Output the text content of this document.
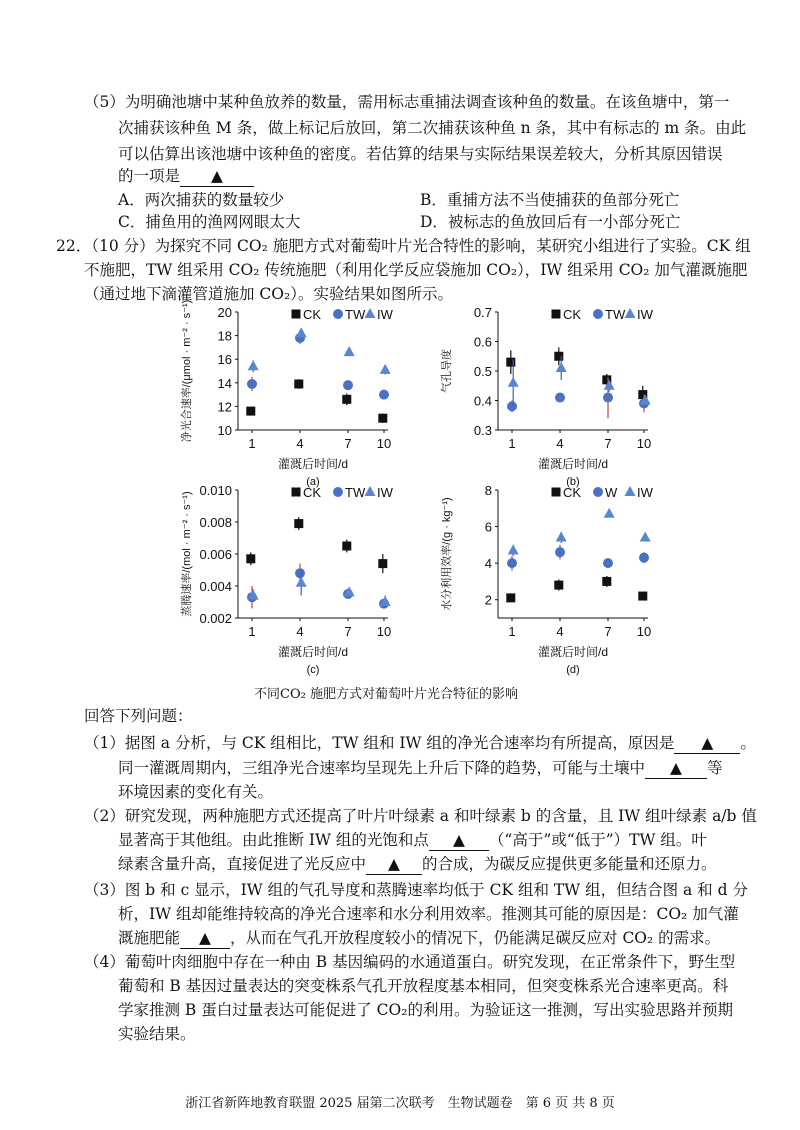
（5）为明确池塘中某种鱼放养的数量，需用标志重捕法调查该种鱼的数量。在该鱼塘中，第一
次捕获该种鱼 M 条，做上标记后放回，第二次捕获该种鱼 n 条，其中有标志的 m 条。由此
可以估算出该池塘中该种鱼的密度。若估算的结果与实际结果误差较大，分析其原因错误
的一项是 ▲
A．两次捕获的数量较少	B．重捕方法不当使捕获的鱼部分死亡
C．捕鱼用的渔网网眼太大	D．被标志的鱼放回后有一小部分死亡
22．（10 分）为探究不同 CO₂ 施肥方式对葡萄叶片光合特性的影响，某研究小组进行了实验。CK 组
不施肥，TW 组采用 CO₂ 传统施肥（利用化学反应袋施加 CO₂），IW 组采用 CO₂ 加气灌溉施肥
（通过地下滴灌管道施加 CO₂）。实验结果如图所示。
10
12
14
16
18
20
1	4	7 10
灌溉后时间/d
(a)
净光合速率/(μmol · m⁻² · s⁻¹)	CK TW IW
0.3
0.4
0.5
0.6
0.7
1	4	7 10
灌溉后时间/d
(b)
气孔导度
CK TW IW
0.002
0.004
0.006
0.008
0.010
1	4	7 10
灌溉后时间/d
(c)
蒸腾速率/(mol · m⁻² · s⁻¹)	CK TW IW
2
4
6
8
1	4	7 10
灌溉后时间/d
(d)
水分利用效率/(g · kg⁻¹)
CK W IW
不同CO₂ 施肥方式对葡萄叶片光合特征的影响
回答下列问题：
（1）据图 a 分析，与 CK 组相比，TW 组和 IW 组的净光合速率均有所提高，原因是 ▲ 。
同一灌溉周期内，三组净光合速率均呈现先上升后下降的趋势，可能与土壤中 ▲ 等
环境因素的变化有关。
（2）研究发现，两种施肥方式还提高了叶片叶绿素 a 和叶绿素 b 的含量，且 IW 组叶绿素 a/b 值
显著高于其他组。由此推断 IW 组的光饱和点 ▲ （“高于”或“低于”）TW 组。叶
绿素含量升高，直接促进了光反应中 ▲ 的合成，为碳反应提供更多能量和还原力。
（3）图 b 和 c 显示，IW 组的气孔导度和蒸腾速率均低于 CK 组和 TW 组，但结合图 a 和 d 分
析，IW 组却能维持较高的净光合速率和水分利用效率。推测其可能的原因是：CO₂ 加气灌
溉施肥能 ▲ ，从而在气孔开放程度较小的情况下，仍能满足碳反应对 CO₂ 的需求。
（4）葡萄叶肉细胞中存在一种由 B 基因编码的水通道蛋白。研究发现，在正常条件下，野生型
葡萄和 B 基因过量表达的突变株系气孔开放程度基本相同，但突变株系光合速率更高。科
学家推测 B 蛋白过量表达可能促进了 CO₂的利用。为验证这一推测，写出实验思路并预期
实验结果。
浙江省新阵地教育联盟 2025 届第二次联考　生物试题卷　第 6 页 共 8 页
